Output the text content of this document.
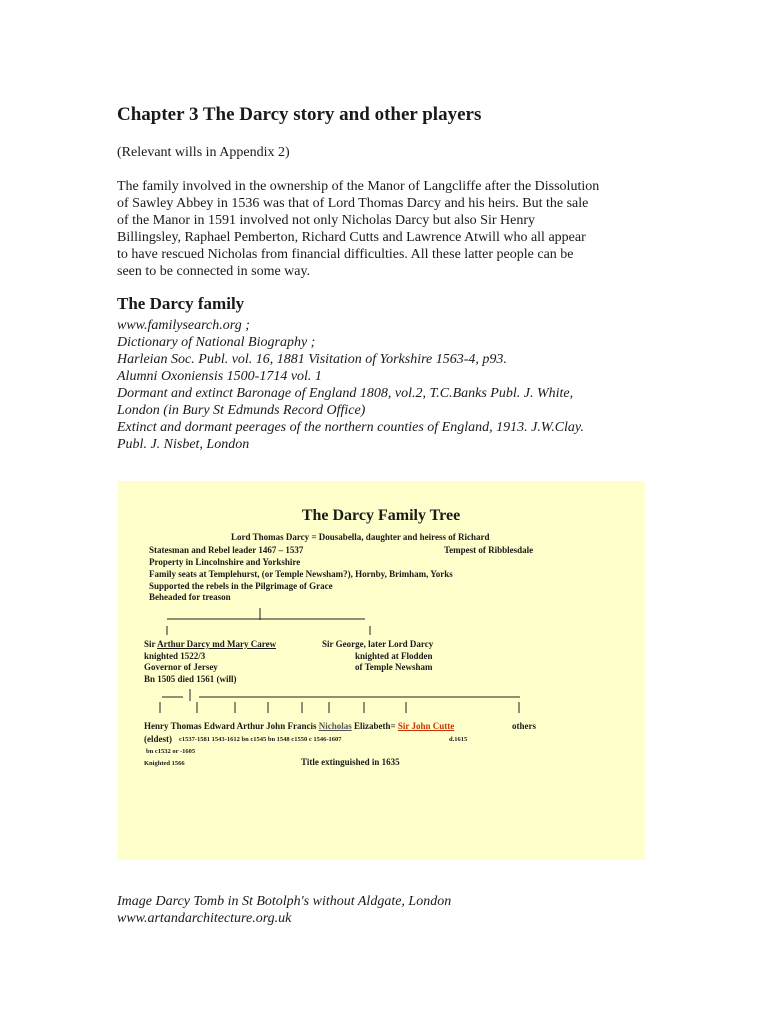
Chapter 3 The Darcy story and other players
(Relevant wills in Appendix 2)
The family involved in the ownership of the Manor of Langcliffe after the Dissolution
of Sawley Abbey in 1536 was that of Lord Thomas Darcy and his heirs. But the sale
of the Manor in 1591 involved not only Nicholas Darcy but also Sir Henry
Billingsley, Raphael Pemberton, Richard Cutts and Lawrence Atwill who all appear
to have rescued Nicholas from financial difficulties. All these latter people can be
seen to be connected in some way.
The Darcy family
www.familysearch.org ;
Dictionary of National Biography ;
Harleian Soc. Publ. vol. 16, 1881 Visitation of Yorkshire 1563-4, p93.
Alumni Oxoniensis 1500-1714 vol. 1
Dormant and extinct Baronage of England 1808, vol.2, T.C.Banks Publ. J. White,
London (in Bury St Edmunds Record Office)
Extinct and dormant peerages of the northern counties of England, 1913. J.W.Clay.
Publ. J. Nisbet, London
The Darcy Family Tree
Lord Thomas Darcy = Dousabella, daughter and heiress of Richard
Statesman and Rebel leader 1467 – 1537	Tempest of Ribblesdale
Property in Lincolnshire and Yorkshire
Family seats at Templehurst, (or Temple Newsham?), Hornby, Brimham, Yorks
Supported the rebels in the Pilgrimage of Grace
Beheaded for treason
Sir Arthur Darcy md Mary Carew
knighted 1522/3
Governor of Jersey
Bn 1505 died 1561 (will)
Sir George, later Lord Darcy
knighted at Flodden
of Temple Newsham
Henry Thomas Edward Arthur John Francis Nicholas Elizabeth= Sir John Cutte	others
(eldest) c1537-1581 1543-1612 bn c1545 bn 1548 c1550 c 1546-1607	d.1615
bn c1532 or -1605
Knighted 1566	Title extinguished in 1635
Image Darcy Tomb in St Botolph's without Aldgate, London
www.artandarchitecture.org.uk
